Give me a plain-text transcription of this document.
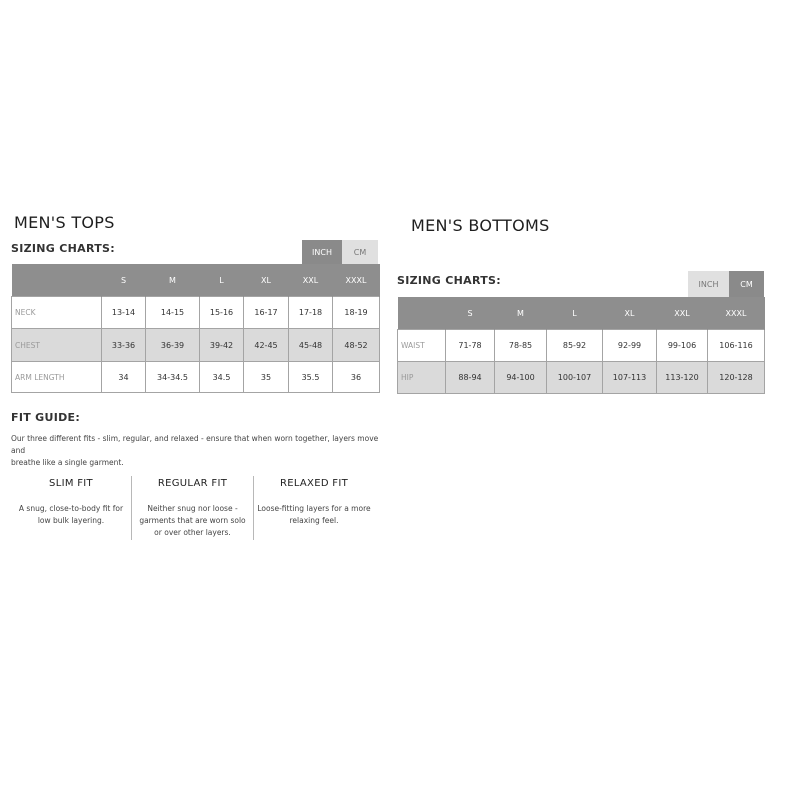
MEN'S TOPS
SIZING CHARTS:	INCH	CM
	S	M	L	XL	XXL	XXXL
NECK	13-14	14-15	15-16	16-17	17-18	18-19
CHEST	33-36	36-39	39-42	42-45	45-48	48-52
ARM LENGTH	34	34-34.5	34.5	35	35.5	36
FIT GUIDE:
Our three different fits - slim, regular, and relaxed - ensure that when worn together, layers move and
breathe like a single garment.
SLIM FIT

A snug, close-to-body fit for

low bulk layering.

REGULAR FIT

Neither snug nor loose -

garments that are worn solo

or over other layers.

RELAXED FIT

Loose-fitting layers for a more

relaxing feel.

MEN'S BOTTOMS
SIZING CHARTS:	INCH	CM
	S	M	L	XL	XXL	XXXL
WAIST	71-78	78-85	85-92	92-99	99-106	106-116
HIP	88-94	94-100	100-107	107-113	113-120	120-128
